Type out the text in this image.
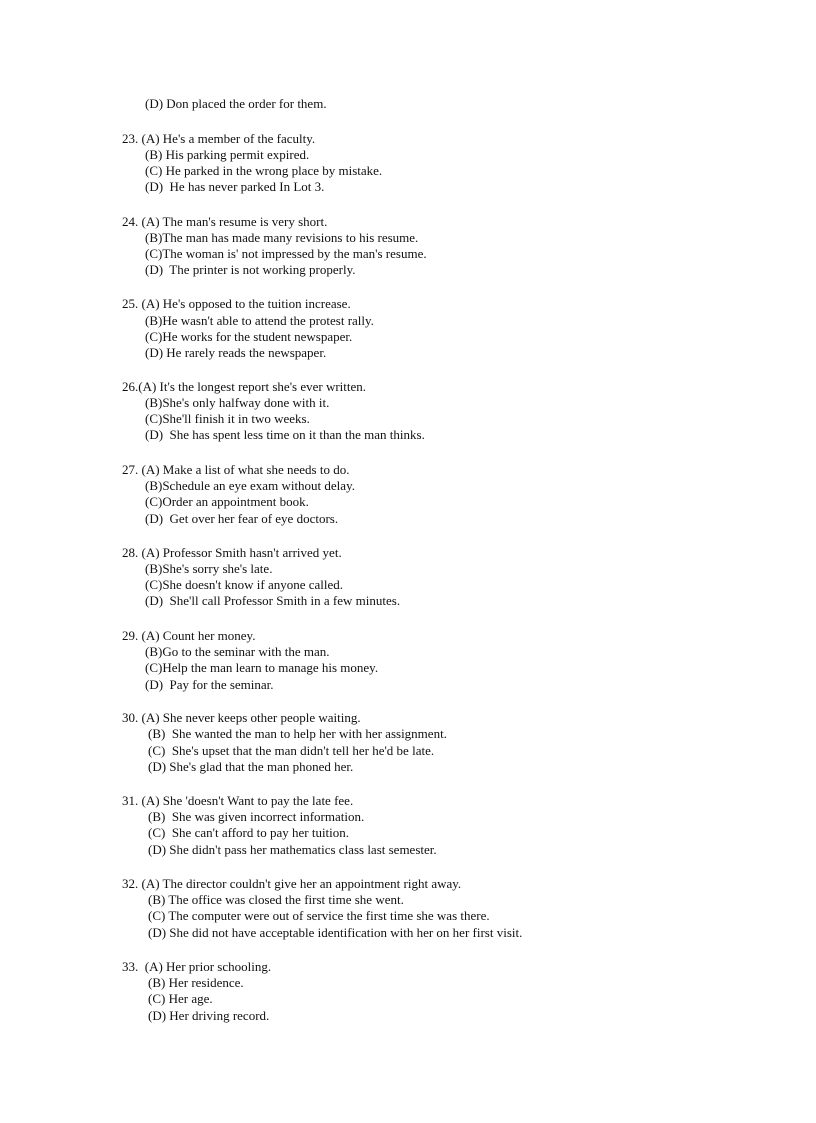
(D) Don placed the order for them.
23. (A) He's a member of the faculty.
(B) His parking permit expired.
(C) He parked in the wrong place by mistake.
(D)  He has never parked In Lot 3.
24. (A) The man's resume is very short.
(B)The man has made many revisions to his resume.
(C)The woman is' not impressed by the man's resume.
(D)  The printer is not working properly.
25. (A) He's opposed to the tuition increase.
(B)He wasn't able to attend the protest rally.
(C)He works for the student newspaper.
(D) He rarely reads the newspaper.
26.(A) It's the longest report she's ever written.
(B)She's only halfway done with it.
(C)She'll finish it in two weeks.
(D)  She has spent less time on it than the man thinks.
27. (A) Make a list of what she needs to do.
(B)Schedule an eye exam without delay.
(C)Order an appointment book.
(D)  Get over her fear of eye doctors.
28. (A) Professor Smith hasn't arrived yet.
(B)She's sorry she's late.
(C)She doesn't know if anyone called.
(D)  She'll call Professor Smith in a few minutes.
29. (A) Count her money.
(B)Go to the seminar with the man.
(C)Help the man learn to manage his money.
(D)  Pay for the seminar.
30. (A) She never keeps other people waiting.
(B)  She wanted the man to help her with her assignment.
(C)  She's upset that the man didn't tell her he'd be late.
(D) She's glad that the man phoned her.
31. (A) She 'doesn't Want to pay the late fee.
(B)  She was given incorrect information.
(C)  She can't afford to pay her tuition.
(D) She didn't pass her mathematics class last semester.
32. (A) The director couldn't give her an appointment right away.
(B) The office was closed the first time she went.
(C) The computer were out of service the first time she was there.
(D) She did not have acceptable identification with her on her first visit.
33.  (A) Her prior schooling.
(B) Her residence.
(C) Her age.
(D) Her driving record.
